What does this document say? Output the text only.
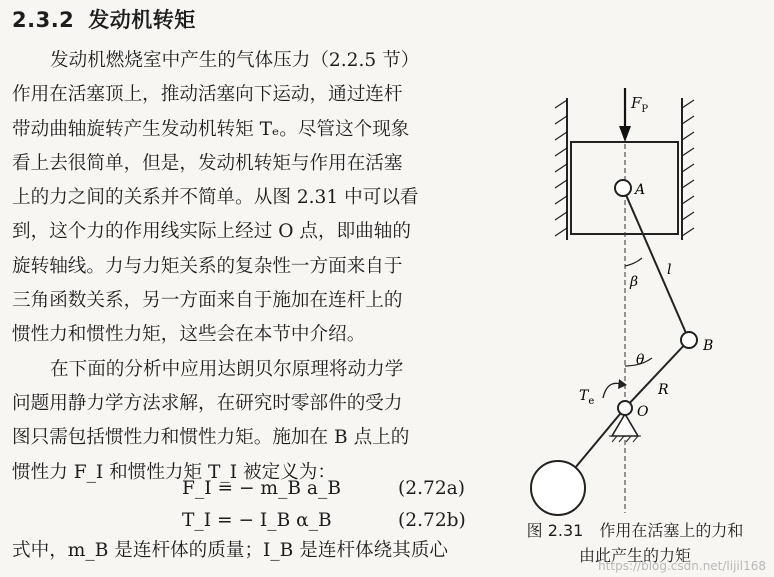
2.3.2 发动机转矩
发动机燃烧室中产生的气体压力（2.2.5 节）
作用在活塞顶上，推动活塞向下运动，通过连杆
带动曲轴旋转产生发动机转矩 Tₑ。尽管这个现象
看上去很简单，但是，发动机转矩与作用在活塞
上的力之间的关系并不简单。从图 2.31 中可以看
到，这个力的作用线实际上经过 O 点，即曲轴的
旋转轴线。力与力矩关系的复杂性一方面来自于
三角函数关系，另一方面来自于施加在连杆上的
惯性力和惯性力矩，这些会在本节中介绍。
在下面的分析中应用达朗贝尔原理将动力学
问题用静力学方法求解，在研究时零部件的受力
图只需包括惯性力和惯性力矩。施加在 B 点上的
惯性力 F_I 和惯性力矩 T_I 被定义为：
F_I = − m_B a_B	(2.72a)
T_I = − I_B α_B	(2.72b)
式中，m_B 是连杆体的质量；I_B 是连杆体绕其质心
$F_P$
A
l
β
B
θ
R
O
$T_e$
图 2.31　作用在活塞上的力和
由此产生的力矩
https://blog.csdn.net/lijil168
